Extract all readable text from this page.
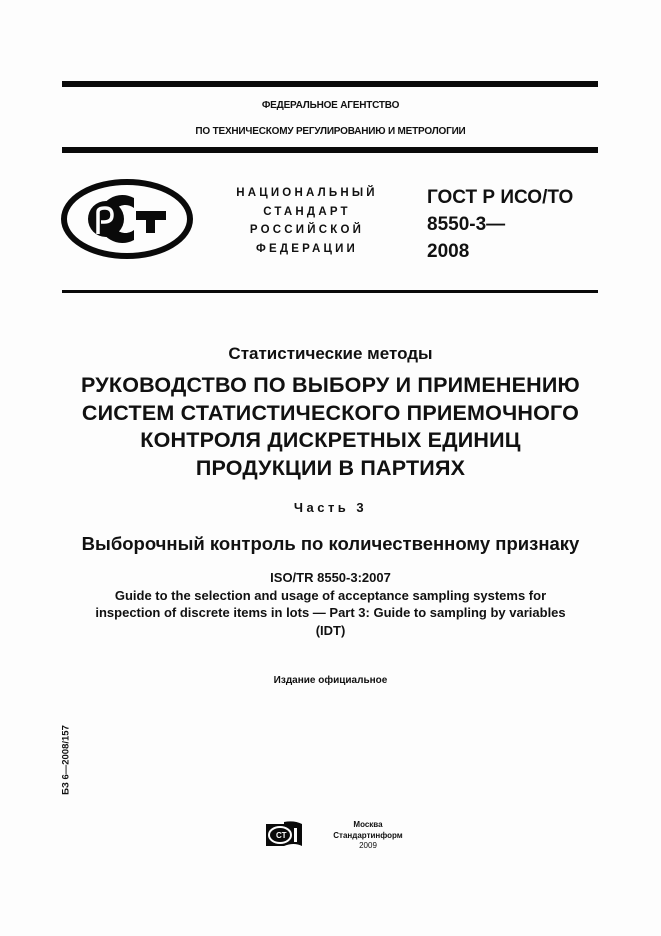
ФЕДЕРАЛЬНОЕ АГЕНТСТВО
ПО ТЕХНИЧЕСКОМУ РЕГУЛИРОВАНИЮ И МЕТРОЛОГИИ
НАЦИОНАЛЬНЫЙ
СТАНДАРТ
РОССИЙСКОЙ
ФЕДЕРАЦИИ
ГОСТ Р ИСО/ТО
8550-3—
2008
Статистические методы
РУКОВОДСТВО ПО ВЫБОРУ И ПРИМЕНЕНИЮ
СИСТЕМ СТАТИСТИЧЕСКОГО ПРИЕМОЧНОГО
КОНТРОЛЯ ДИСКРЕТНЫХ ЕДИНИЦ
ПРОДУКЦИИ В ПАРТИЯХ
Часть 3
Выборочный контроль по количественному признаку
ISO/TR 8550-3:2007
Guide to the selection and usage of acceptance sampling systems for
inspection of discrete items in lots — Part 3: Guide to sampling by variables
(IDT)
Издание официальное
БЗ 6—2008/157
СТ
Москва
Стандартинформ
2009
